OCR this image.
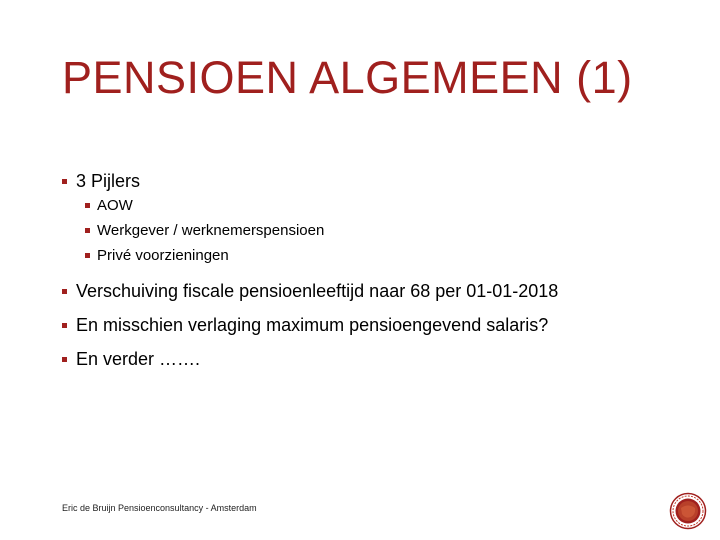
PENSIOEN ALGEMEEN (1)
3 Pijlers
AOW
Werkgever / werknemerspensioen
Privé voorzieningen
Verschuiving fiscale pensioenleeftijd naar 68 per 01-01-2018
En misschien verlaging maximum pensioengevend salaris?
En verder …….
Eric de Bruijn Pensioenconsultancy - Amsterdam
